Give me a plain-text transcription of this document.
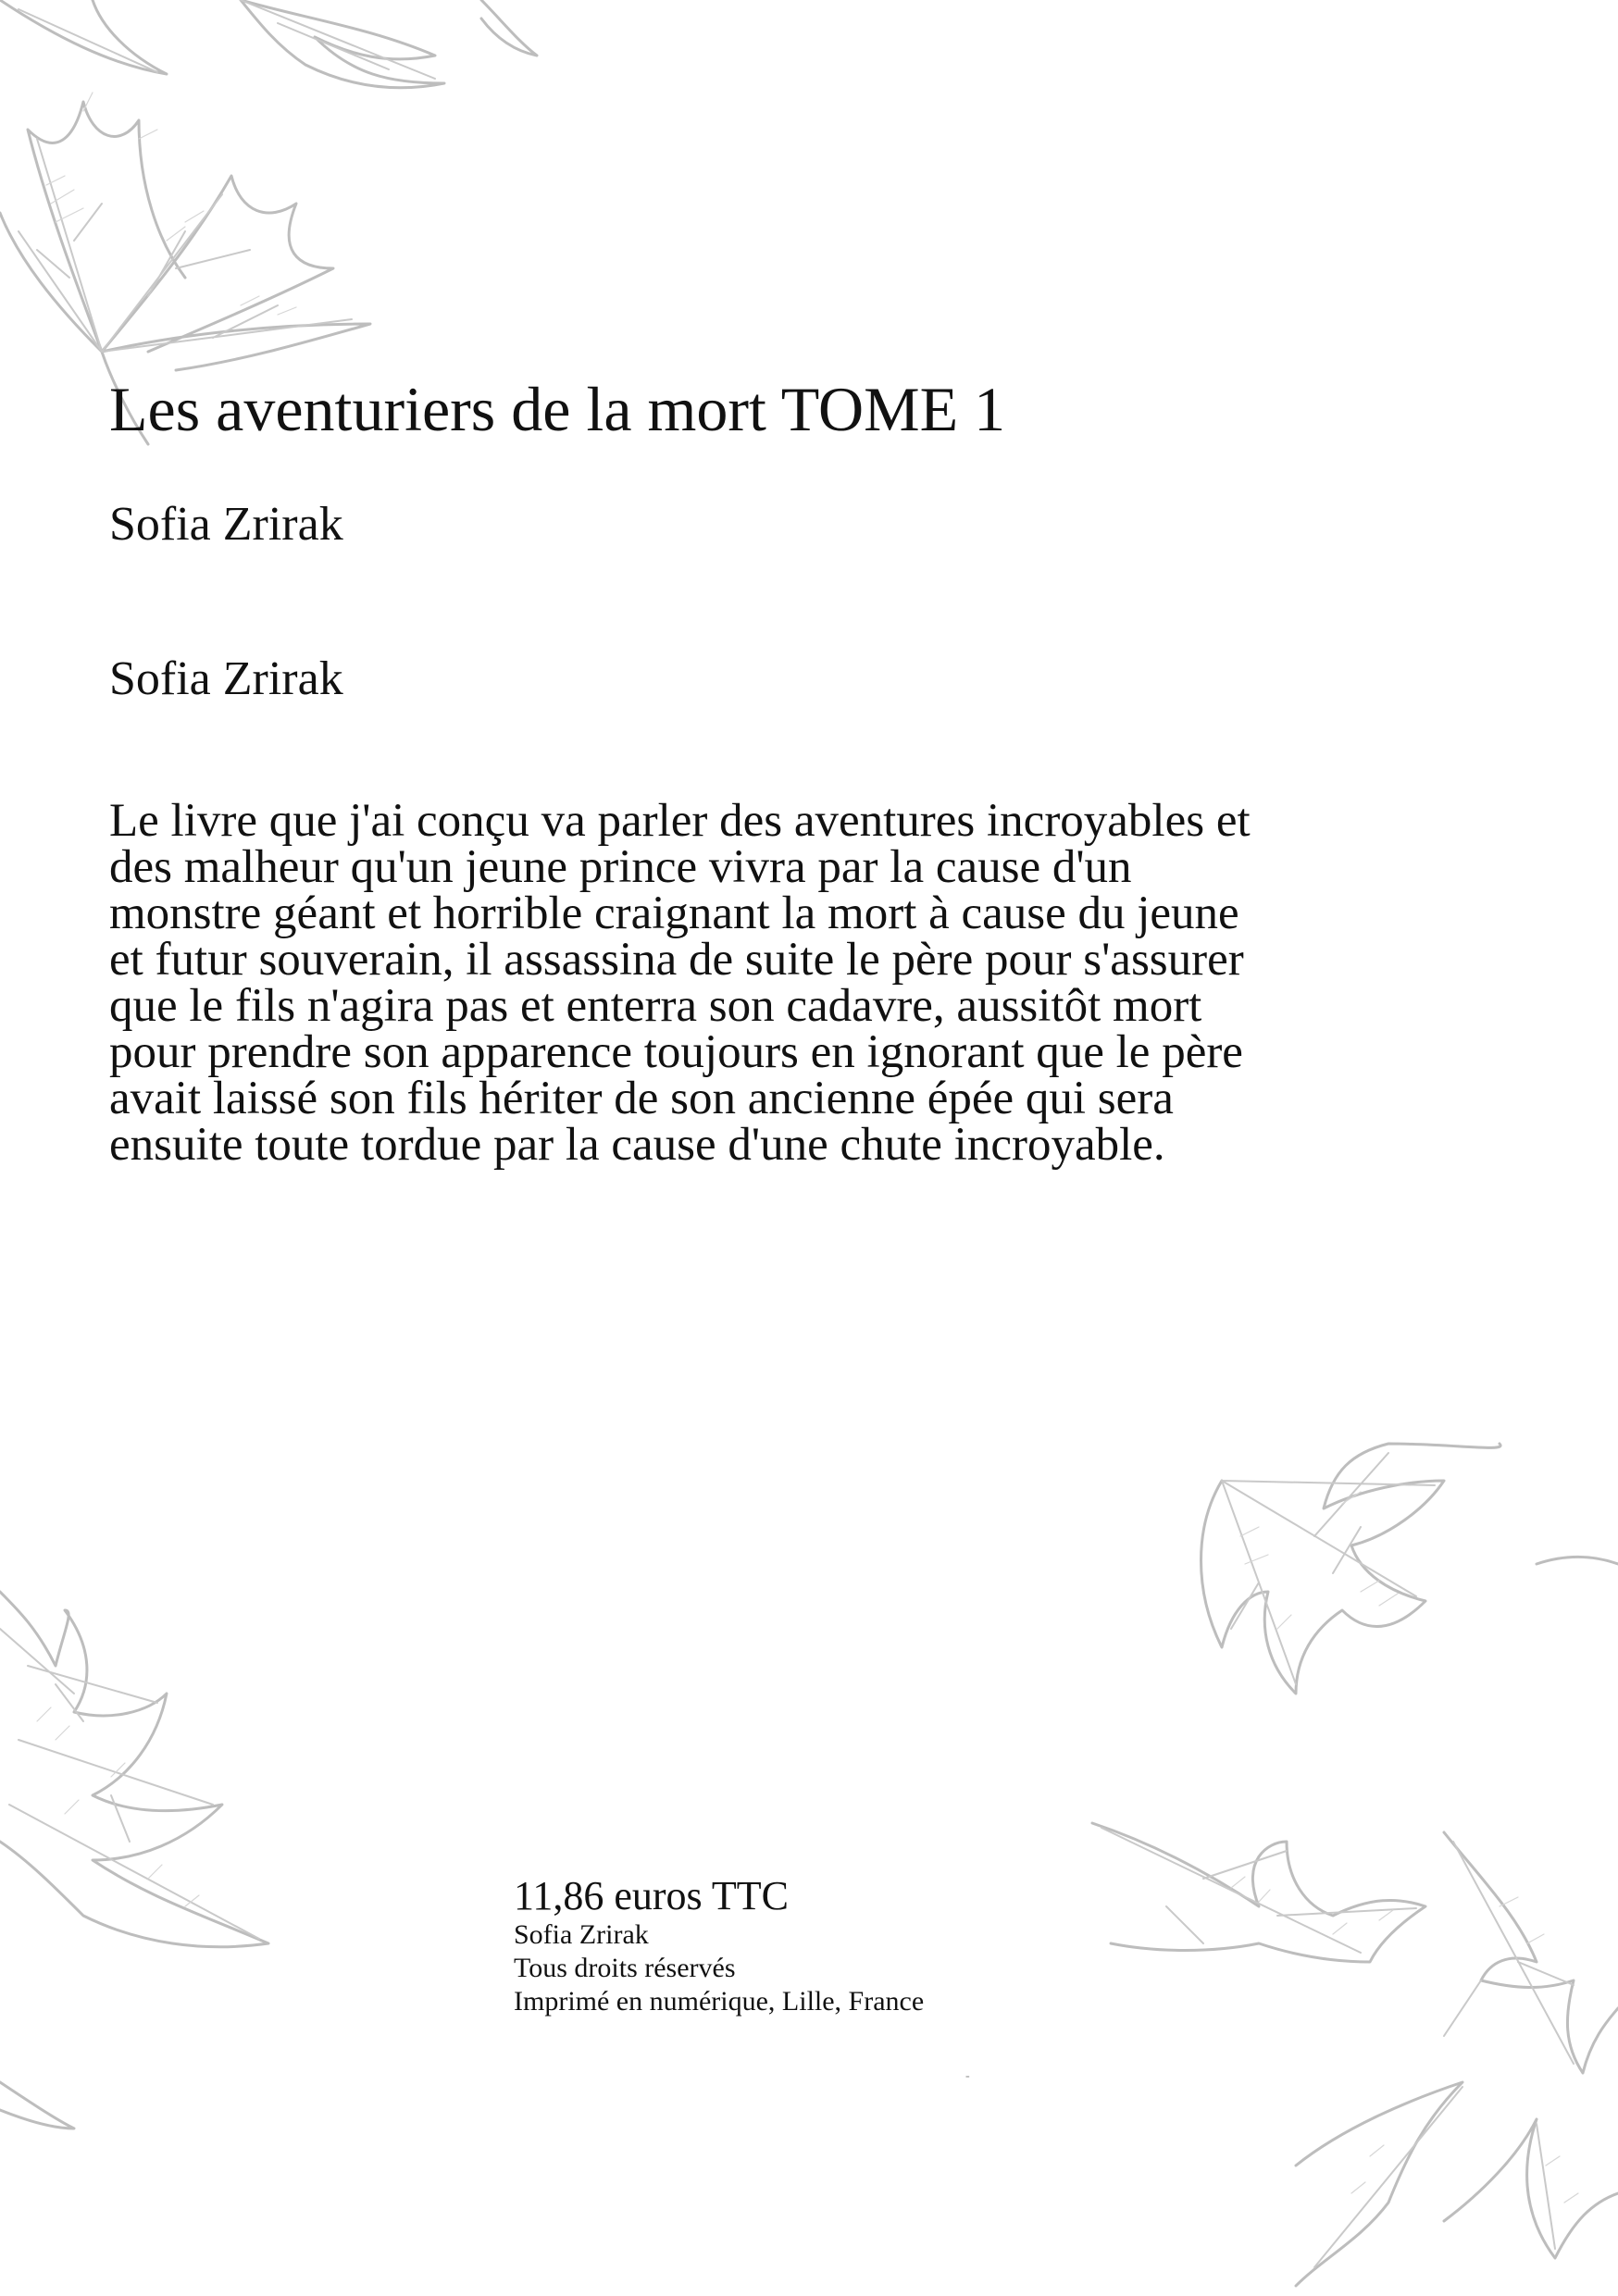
Les aventuriers de la mort TOME 1

Sofia Zrirak

Sofia Zrirak

Le livre que j'ai conçu va parler des aventures incroyables et des malheur qu'un jeune prince vivra par la cause d'un monstre géant et horrible craignant la mort à cause du jeune et futur souverain, il assassina de suite le père pour s'assurer que le fils n'agira pas et enterra son cadavre, aussitôt mort pour prendre son apparence toujours en ignorant que le père avait laissé son fils hériter de son ancienne épée qui sera ensuite toute tordue par la cause d'une chute incroyable.

11,86 euros TTC
Sofia Zrirak
Tous droits réservés
Imprimé en numérique, Lille, France
-
